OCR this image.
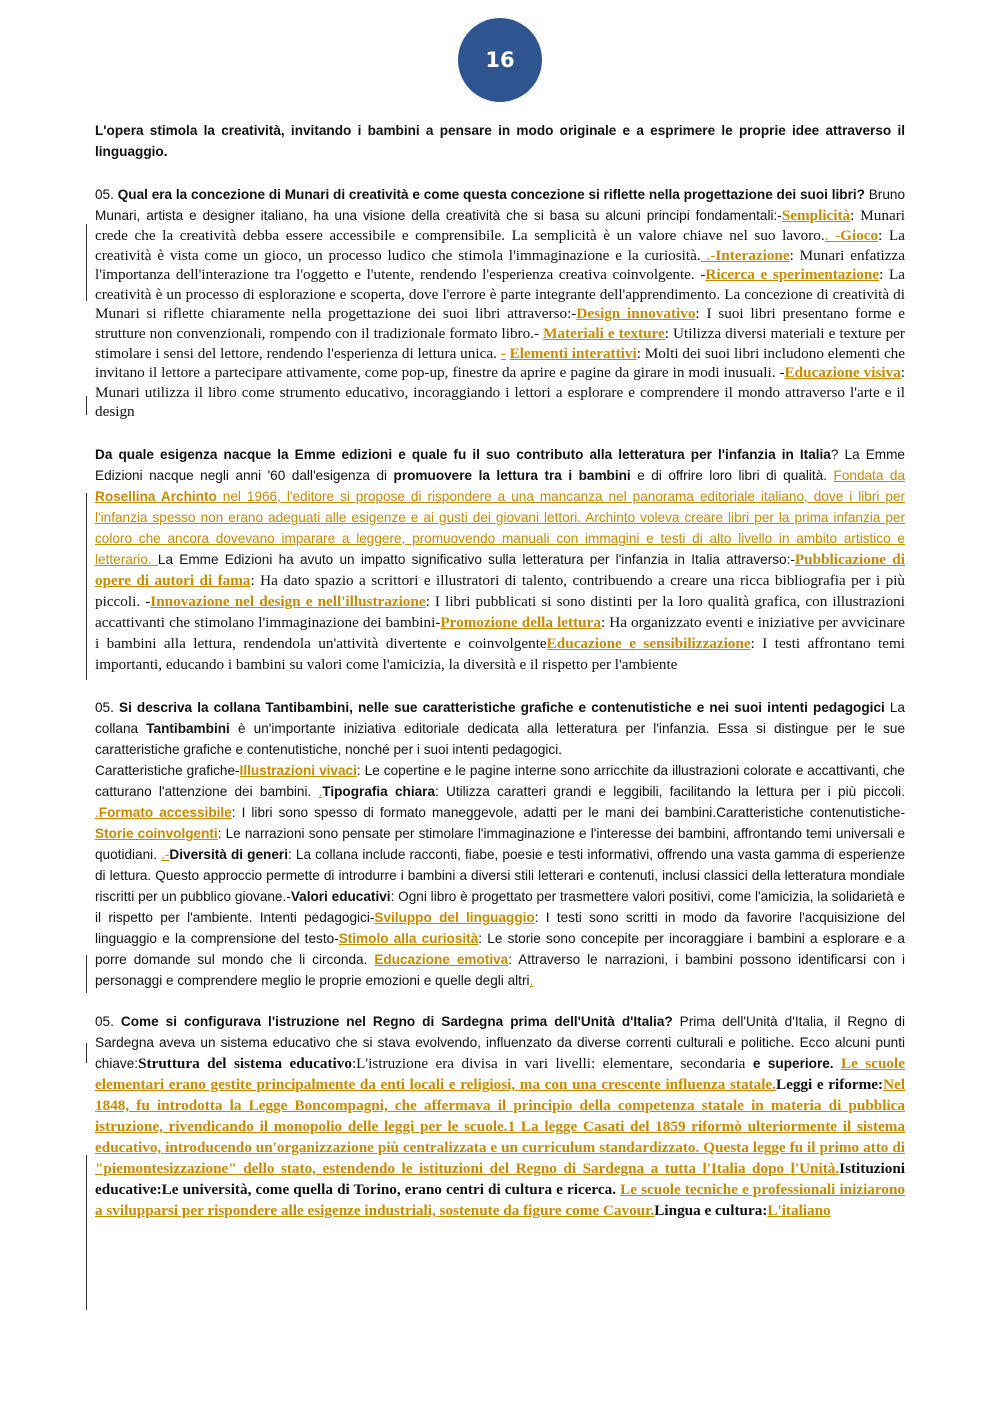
16

L'opera stimola la creatività, invitando i bambini a pensare in modo originale e a esprimere le proprie idee attraverso il linguaggio.

05. Qual era la concezione di Munari di creatività e come questa concezione si riflette nella progettazione dei suoi libri? Bruno Munari, artista e designer italiano, ha una visione della creatività che si basa su alcuni principi fondamentali:-Semplicità: Munari crede che la creatività debba essere accessibile e comprensibile. La semplicità è un valore chiave nel suo lavoro.. -Gioco: La creatività è vista come un gioco, un processo ludico che stimola l'immaginazione e la curiosità. .-Interazione: Munari enfatizza l'importanza dell'interazione tra l'oggetto e l'utente, rendendo l'esperienza creativa coinvolgente. -Ricerca e sperimentazione: La creatività è un processo di esplorazione e scoperta, dove l'errore è parte integrante dell'apprendimento. La concezione di creatività di Munari si riflette chiaramente nella progettazione dei suoi libri attraverso:-Design innovativo: I suoi libri presentano forme e strutture non convenzionali, rompendo con il tradizionale formato libro.- Materiali e texture: Utilizza diversi materiali e texture per stimolare i sensi del lettore, rendendo l'esperienza di lettura unica. - Elementi interattivi: Molti dei suoi libri includono elementi che invitano il lettore a partecipare attivamente, come pop-up, finestre da aprire e pagine da girare in modi inusuali. -Educazione visiva: Munari utilizza il libro come strumento educativo, incoraggiando i lettori a esplorare e comprendere il mondo attraverso l'arte e il design

Da quale esigenza nacque la Emme edizioni e quale fu il suo contributo alla letteratura per l'infanzia in Italia? La Emme Edizioni nacque negli anni '60 dall'esigenza di promuovere la lettura tra i bambini e di offrire loro libri di qualità. Fondata da Rosellina Archinto nel 1966, l'editore si propose di rispondere a una mancanza nel panorama editoriale italiano, dove i libri per l'infanzia spesso non erano adeguati alle esigenze e ai gusti dei giovani lettori. Archinto voleva creare libri per la prima infanzia per coloro che ancora dovevano imparare a leggere, promuovendo manuali con immagini e testi di alto livello in ambito artistico e letterario. La Emme Edizioni ha avuto un impatto significativo sulla letteratura per l'infanzia in Italia attraverso:-Pubblicazione di opere di autori di fama: Ha dato spazio a scrittori e illustratori di talento, contribuendo a creare una ricca bibliografia per i più piccoli. -Innovazione nel design e nell'illustrazione: I libri pubblicati si sono distinti per la loro qualità grafica, con illustrazioni accattivanti che stimolano l'immaginazione dei bambini-Promozione della lettura: Ha organizzato eventi e iniziative per avvicinare i bambini alla lettura, rendendola un'attività divertente e coinvolgenteEducazione e sensibilizzazione: I testi affrontano temi importanti, educando i bambini su valori come l'amicizia, la diversità e il rispetto per l'ambiente

05. Si descriva la collana Tantibambini, nelle sue caratteristiche grafiche e contenutistiche e nei suoi intenti pedagogici La collana Tantibambini è un'importante iniziativa editoriale dedicata alla letteratura per l'infanzia. Essa si distingue per le sue caratteristiche grafiche e contenutistiche, nonché per i suoi intenti pedagogici.
Caratteristiche grafiche-Illustrazioni vivaci: Le copertine e le pagine interne sono arricchite da illustrazioni colorate e accattivanti, che catturano l'attenzione dei bambini. .Tipografia chiara: Utilizza caratteri grandi e leggibili, facilitando la lettura per i più piccoli. .Formato accessibile: I libri sono spesso di formato maneggevole, adatti per le mani dei bambini.Caratteristiche contenutistiche-Storie coinvolgenti: Le narrazioni sono pensate per stimolare l'immaginazione e l'interesse dei bambini, affrontando temi universali e quotidiani. .-Diversità di generi: La collana include racconti, fiabe, poesie e testi informativi, offrendo una vasta gamma di esperienze di lettura. Questo approccio permette di introdurre i bambini a diversi stili letterari e contenuti, inclusi classici della letteratura mondiale riscritti per un pubblico giovane.-Valori educativi: Ogni libro è progettato per trasmettere valori positivi, come l'amicizia, la solidarietà e il rispetto per l'ambiente. Intenti pedagogici-Sviluppo del linguaggio: I testi sono scritti in modo da favorire l'acquisizione del linguaggio e la comprensione del testo-Stimolo alla curiosità: Le storie sono concepite per incoraggiare i bambini a esplorare e a porre domande sul mondo che li circonda. Educazione emotiva: Attraverso le narrazioni, i bambini possono identificarsi con i personaggi e comprendere meglio le proprie emozioni e quelle degli altri.

05. Come si configurava l'istruzione nel Regno di Sardegna prima dell'Unità d'Italia? Prima dell'Unità d'Italia, il Regno di Sardegna aveva un sistema educativo che si stava evolvendo, influenzato da diverse correnti culturali e politiche. Ecco alcuni punti chiave:Struttura del sistema educativo:L'istruzione era divisa in vari livelli: elementare, secondaria e superiore. Le scuole elementari erano gestite principalmente da enti locali e religiosi, ma con una crescente influenza statale.Leggi e riforme:Nel 1848, fu introdotta la Legge Boncompagni, che affermava il principio della competenza statale in materia di pubblica istruzione, rivendicando il monopolio delle leggi per le scuole.1 La legge Casati del 1859 riformò ulteriormente il sistema educativo, introducendo un'organizzazione più centralizzata e un curriculum standardizzato. Questa legge fu il primo atto di "piemontesizzazione" dello stato, estendendo le istituzioni del Regno di Sardegna a tutta l'Italia dopo l'Unità.Istituzioni educative:Le università, come quella di Torino, erano centri di cultura e ricerca. Le scuole tecniche e professionali iniziarono a svilupparsi per rispondere alle esigenze industriali, sostenute da figure come Cavour.Lingua e cultura:L'italiano
